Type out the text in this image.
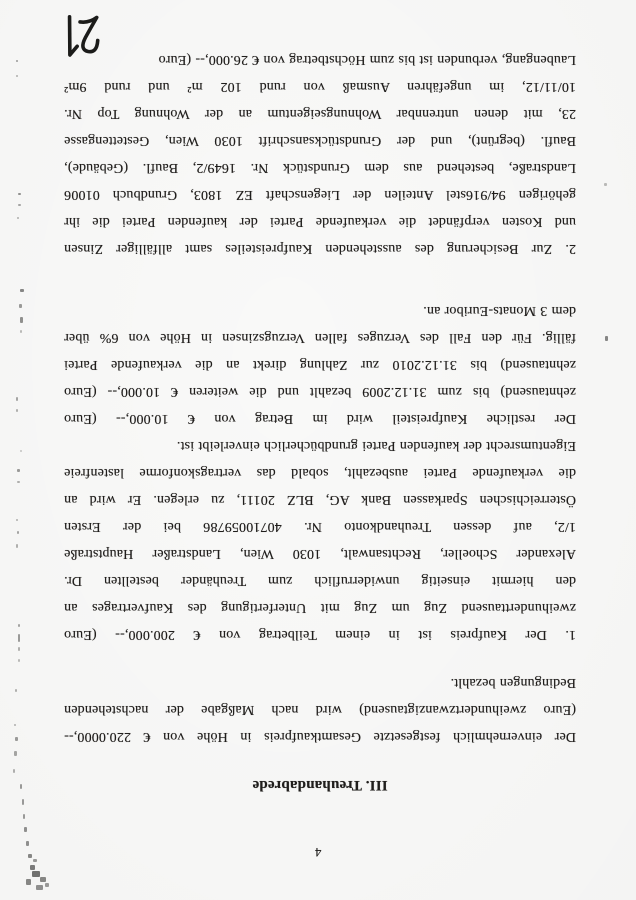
4
III. Treuhandabrede
Der einvernehmlich festgesetzte Gesamtkaufpreis in Höhe von € 220.0000,--
(Euro zweihundertzwanzigtausend) wird nach Maßgabe der nachstehenden
Bedingungen bezahlt.
1. Der Kaufpreis ist in einem Teilbetrag von € 200.000,-- (Euro
zweihunderttausend Zug um Zug mit Unterfertigung des Kaufvertrages an
den hiermit einseitig unwiderruflich zum Treuhänder bestellten Dr.
Alexander Schoeller, Rechtsanwalt, 1030 Wien, Landstraßer Hauptstraße
1/2, auf dessen Treuhandkonto Nr. 40710059786 bei der Ersten
Österreichischen Sparkassen Bank AG, BLZ 20111, zu erlegen. Er wird an
die verkaufende Partei ausbezahlt, sobald das vertragskonforme lastenfreie
Eigentumsrecht der kaufenden Partei grundbücherlich einverleibt ist.
Der restliche Kaufpreisteil wird im Betrag von € 10.000,-- (Euro
zehntausend) bis zum 31.12.2009 bezahlt und die weiteren € 10.000,-- (Euro
zehntausend) bis 31.12.2010 zur Zahlung direkt an die verkaufende Partei
fällig. Für den Fall des Verzuges fallen Verzugszinsen in Höhe von 6% über
dem 3 Monats-Euribor an.
2. Zur Besicherung des ausstehenden Kaufpreisteiles samt allfälliger Zinsen
und Kosten verpfändet die verkaufende Partei der kaufenden Partei die ihr
gehörigen 94/916stel Anteilen der Liegenschaft EZ 1803, Grundbuch 01006
Landstraße, bestehend aus dem Grundstück Nr. 1649/2, Baufl. (Gebäude),
Baufl. (begrünt), und der Grundstücksanschrift 1030 Wien, Gestettengasse
23, mit denen untrennbar Wohnungseigentum an der Wohnung Top Nr.
10/11/12, im ungefähren Ausmaß von rund 102 m² und rund 9m²
Laubengang, verbunden ist bis zum Höchstbetrag von € 26.000,-- (Euro
